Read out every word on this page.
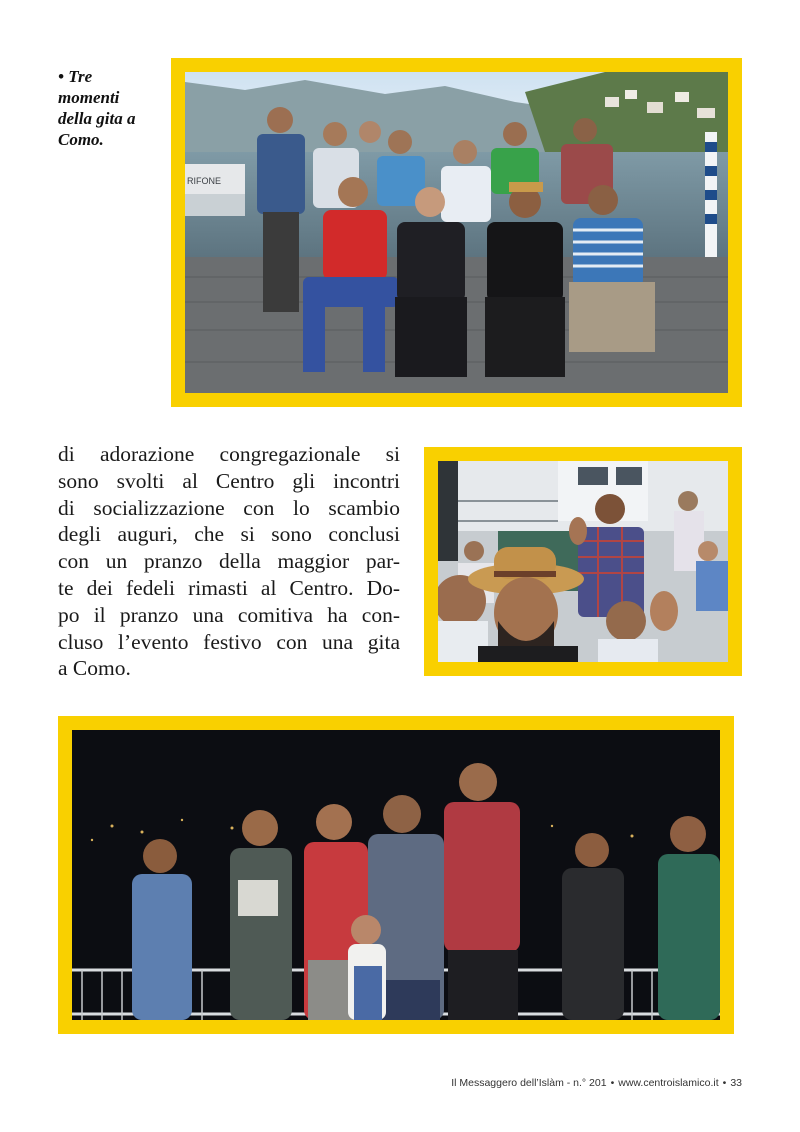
• Tre
momenti
della gita a
Como.
RIFONE
di adorazione congregazionale si
sono svolti al Centro gli incontri
di socializzazione con lo scambio
degli auguri, che si sono conclusi
con un pranzo della maggior par-
te dei fedeli rimasti al Centro. Do-
po il pranzo una comitiva ha con-
cluso l’evento festivo con una gita
a Como.
Il Messaggero dell’Islàm - n.° 201 • www.centroislamico.it • 33
